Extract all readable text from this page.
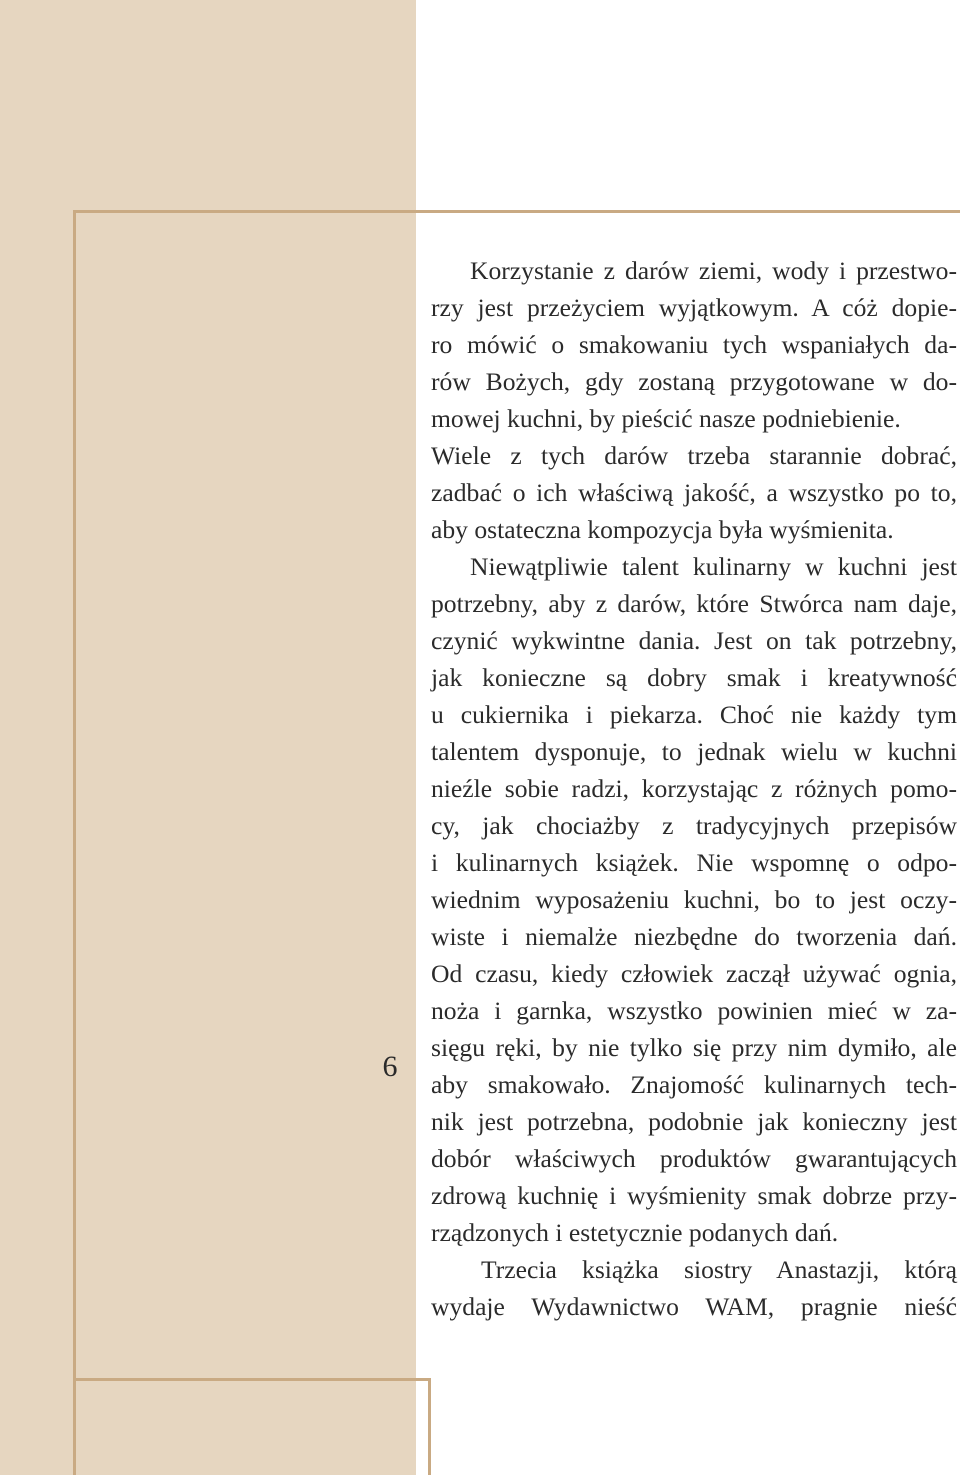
6
Korzystanie z darów ziemi, wody i przestwo-
rzy jest przeżyciem wyjątkowym. A cóż dopie-
ro mówić o smakowaniu tych wspaniałych da-
rów Bożych, gdy zostaną przygotowane w do-
mowej kuchni, by pieścić nasze podniebienie.
Wiele z tych darów trzeba starannie dobrać,
zadbać o ich właściwą jakość, a wszystko po to,
aby ostateczna kompozycja była wyśmienita.
Niewątpliwie talent kulinarny w kuchni jest
potrzebny, aby z darów, które Stwórca nam daje,
czynić wykwintne dania. Jest on tak potrzebny,
jak konieczne są dobry smak i kreatywność
u cukiernika i piekarza. Choć nie każdy tym
talentem dysponuje, to jednak wielu w kuchni
nieźle sobie radzi, korzystając z różnych pomo-
cy, jak chociażby z tradycyjnych przepisów
i kulinarnych książek. Nie wspomnę o odpo-
wiednim wyposażeniu kuchni, bo to jest oczy-
wiste i niemalże niezbędne do tworzenia dań.
Od czasu, kiedy człowiek zaczął używać ognia,
noża i garnka, wszystko powinien mieć w za-
sięgu ręki, by nie tylko się przy nim dymiło, ale
aby smakowało. Znajomość kulinarnych tech-
nik jest potrzebna, podobnie jak konieczny jest
dobór właściwych produktów gwarantujących
zdrową kuchnię i wyśmienity smak dobrze przy-
rządzonych i estetycznie podanych dań.
Trzecia książka siostry Anastazji, którą
wydaje Wydawnictwo WAM, pragnie nieść
